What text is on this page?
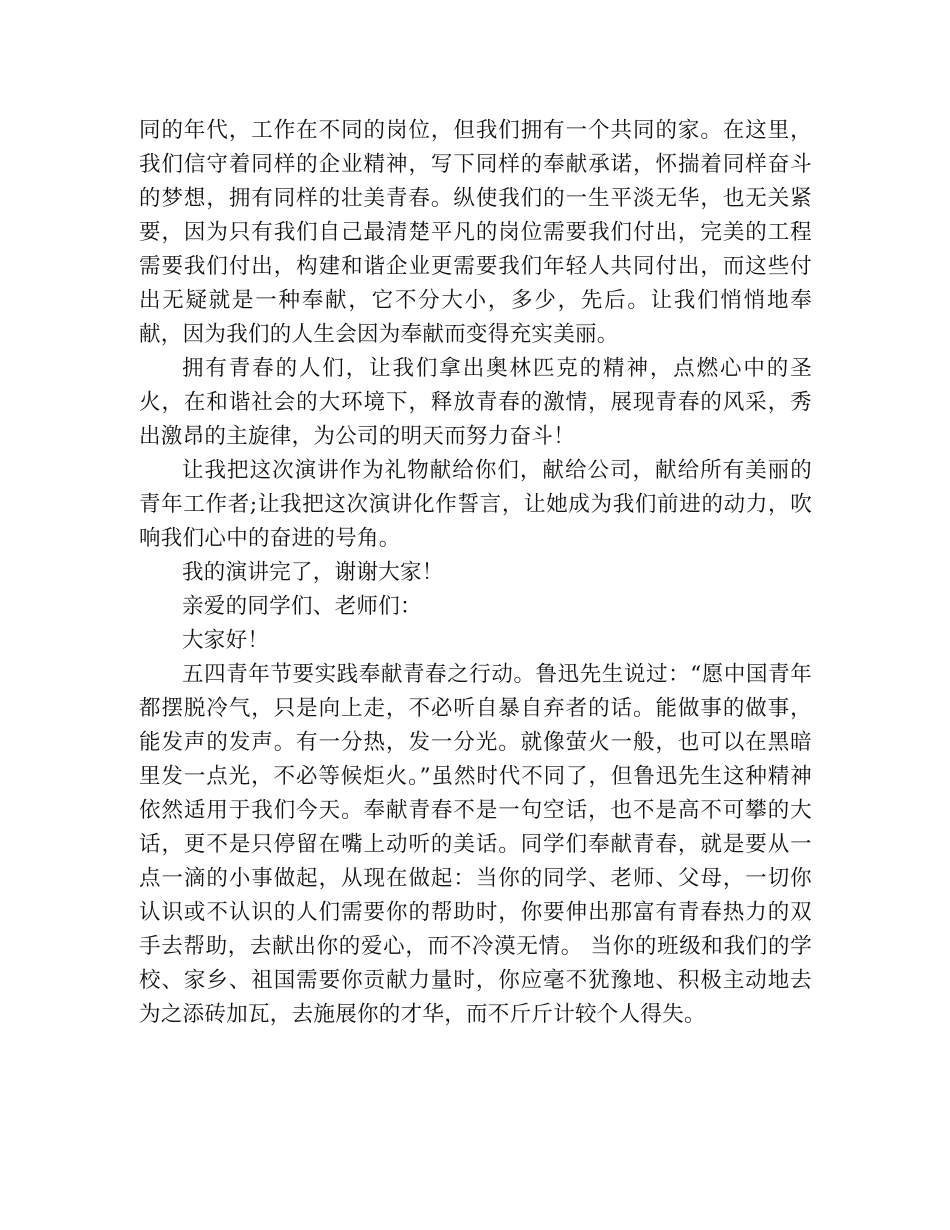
同的年代，工作在不同的岗位，但我们拥有一个共同的家。在这里，我们信守着同样的企业精神，写下同样的奉献承诺，怀揣着同样奋斗的梦想，拥有同样的壮美青春。纵使我们的一生平淡无华，也无关紧要，因为只有我们自己最清楚平凡的岗位需要我们付出，完美的工程需要我们付出，构建和谐企业更需要我们年轻人共同付出，而这些付出无疑就是一种奉献，它不分大小，多少，先后。让我们悄悄地奉献，因为我们的人生会因为奉献而变得充实美丽。

拥有青春的人们，让我们拿出奥林匹克的精神，点燃心中的圣火，在和谐社会的大环境下，释放青春的激情，展现青春的风采，秀出激昂的主旋律，为公司的明天而努力奋斗！

让我把这次演讲作为礼物献给你们，献给公司，献给所有美丽的青年工作者;让我把这次演讲化作誓言，让她成为我们前进的动力，吹响我们心中的奋进的号角。

我的演讲完了，谢谢大家！

亲爱的同学们、老师们：

大家好！

五四青年节要实践奉献青春之行动。鲁迅先生说过：“愿中国青年都摆脱冷气，只是向上走，不必听自暴自弃者的话。能做事的做事，能发声的发声。有一分热，发一分光。就像萤火一般，也可以在黑暗里发一点光，不必等候炬火。”虽然时代不同了，但鲁迅先生这种精神依然适用于我们今天。奉献青春不是一句空话，也不是高不可攀的大话，更不是只停留在嘴上动听的美话。同学们奉献青春，就是要从一点一滴的小事做起，从现在做起：当你的同学、老师、父母，一切你认识或不认识的人们需要你的帮助时，你要伸出那富有青春热力的双手去帮助，去献出你的爱心，而不冷漠无情。 当你的班级和我们的学校、家乡、祖国需要你贡献力量时，你应毫不犹豫地、积极主动地去为之添砖加瓦，去施展你的才华，而不斤斤计较个人得失。
